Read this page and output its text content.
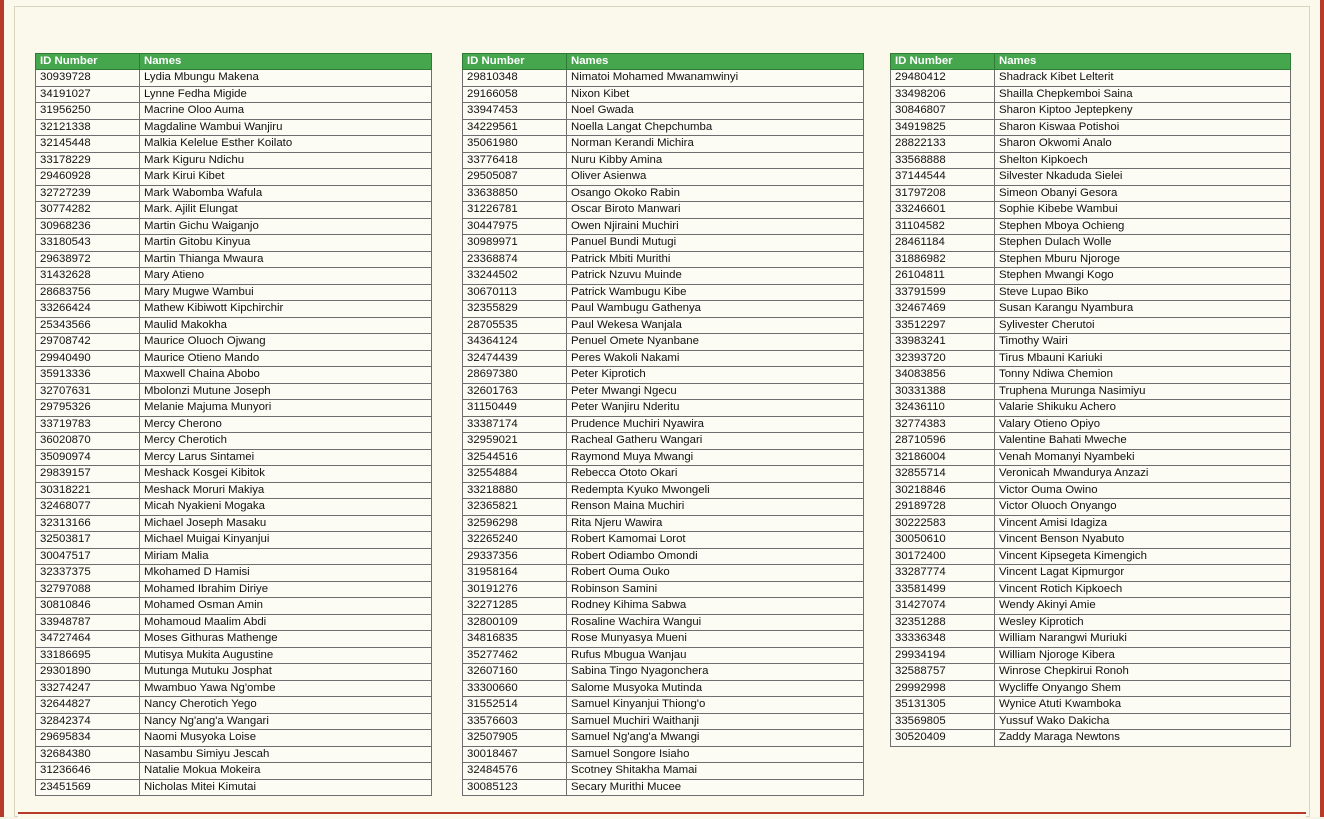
ID Number	Names
30939728	Lydia Mbungu Makena
34191027	Lynne Fedha Migide
31956250	Macrine Oloo Auma
32121338	Magdaline Wambui Wanjiru
32145448	Malkia Kelelue Esther Koilato
33178229	Mark Kiguru Ndichu
29460928	Mark Kirui Kibet
32727239	Mark Wabomba Wafula
30774282	Mark. Ajilit Elungat
30968236	Martin Gichu Waiganjo
33180543	Martin Gitobu Kinyua
29638972	Martin Thianga Mwaura
31432628	Mary Atieno
28683756	Mary Mugwe Wambui
33266424	Mathew Kibiwott Kipchirchir
25343566	Maulid Makokha
29708742	Maurice Oluoch Ojwang
29940490	Maurice Otieno Mando
35913336	Maxwell Chaina Abobo
32707631	Mbolonzi Mutune Joseph
29795326	Melanie Majuma Munyori
33719783	Mercy Cherono
36020870	Mercy Cherotich
35090974	Mercy Larus Sintamei
29839157	Meshack Kosgei Kibitok
30318221	Meshack Moruri Makiya
32468077	Micah Nyakieni Mogaka
32313166	Michael Joseph Masaku
32503817	Michael Muigai Kinyanjui
30047517	Miriam Malia
32337375	Mkohamed D Hamisi
32797088	Mohamed Ibrahim Diriye
30810846	Mohamed Osman Amin
33948787	Mohamoud Maalim Abdi
34727464	Moses Githuras Mathenge
33186695	Mutisya Mukita Augustine
29301890	Mutunga Mutuku Josphat
33274247	Mwambuo Yawa Ng'ombe
32644827	Nancy Cherotich Yego
32842374	Nancy Ng'ang'a Wangari
29695834	Naomi Musyoka Loise
32684380	Nasambu Simiyu Jescah
31236646	Natalie Mokua Mokeira
23451569	Nicholas Mitei Kimutai
ID Number	Names
29810348	Nimatoi Mohamed Mwanamwinyi
29166058	Nixon Kibet
33947453	Noel Gwada
34229561	Noella Langat Chepchumba
35061980	Norman Kerandi Michira
33776418	Nuru Kibby Amina
29505087	Oliver Asienwa
33638850	Osango Okoko Rabin
31226781	Oscar Biroto Manwari
30447975	Owen Njiraini Muchiri
30989971	Panuel Bundi Mutugi
23368874	Patrick Mbiti Murithi
33244502	Patrick Nzuvu Muinde
30670113	Patrick Wambugu Kibe
32355829	Paul Wambugu Gathenya
28705535	Paul Wekesa Wanjala
34364124	Penuel Omete Nyanbane
32474439	Peres Wakoli Nakami
28697380	Peter Kiprotich
32601763	Peter Mwangi Ngecu
31150449	Peter Wanjiru Nderitu
33387174	Prudence Muchiri Nyawira
32959021	Racheal Gatheru Wangari
32544516	Raymond Muya Mwangi
32554884	Rebecca Ototo Okari
33218880	Redempta Kyuko Mwongeli
32365821	Renson Maina Muchiri
32596298	Rita Njeru Wawira
32265240	Robert Kamomai Lorot
29337356	Robert Odiambo Omondi
31958164	Robert Ouma Ouko
30191276	Robinson Samini
32271285	Rodney Kihima Sabwa
32800109	Rosaline Wachira Wangui
34816835	Rose Munyasya Mueni
35277462	Rufus Mbugua Wanjau
32607160	Sabina Tingo Nyagonchera
33300660	Salome Musyoka Mutinda
31552514	Samuel Kinyanjui Thiong'o
33576603	Samuel Muchiri Waithanji
32507905	Samuel Ng'ang'a Mwangi
30018467	Samuel Songore Isiaho
32484576	Scotney Shitakha Mamai
30085123	Secary Murithi Mucee
ID Number	Names
29480412	Shadrack Kibet Lelterit
33498206	Shailla Chepkemboi Saina
30846807	Sharon Kiptoo Jeptepkeny
34919825	Sharon Kiswaa Potishoi
28822133	Sharon Okwomi Analo
33568888	Shelton Kipkoech
37144544	Silvester Nkaduda Sielei
31797208	Simeon Obanyi Gesora
33246601	Sophie Kibebe Wambui
31104582	Stephen Mboya Ochieng
28461184	Stephen Dulach Wolle
31886982	Stephen Mburu Njoroge
26104811	Stephen Mwangi Kogo
33791599	Steve Lupao Biko
32467469	Susan Karangu Nyambura
33512297	Sylivester Cherutoi
33983241	Timothy Wairi
32393720	Tirus Mbauni Kariuki
34083856	Tonny Ndiwa Chemion
30331388	Truphena Murunga Nasimiyu
32436110	Valarie Shikuku Achero
32774383	Valary Otieno Opiyo
28710596	Valentine Bahati Mweche
32186004	Venah Momanyi Nyambeki
32855714	Veronicah Mwandurya Anzazi
30218846	Victor Ouma Owino
29189728	Victor Oluoch Onyango
30222583	Vincent Amisi Idagiza
30050610	Vincent Benson Nyabuto
30172400	Vincent Kipsegeta Kimengich
33287774	Vincent Lagat Kipmurgor
33581499	Vincent Rotich Kipkoech
31427074	Wendy Akinyi Amie
32351288	Wesley Kiprotich
33336348	William Narangwi Muriuki
29934194	William Njoroge Kibera
32588757	Winrose Chepkirui Ronoh
29992998	Wycliffe Onyango Shem
35131305	Wynice Atuti Kwamboka
33569805	Yussuf Wako Dakicha
30520409	Zaddy Maraga Newtons
